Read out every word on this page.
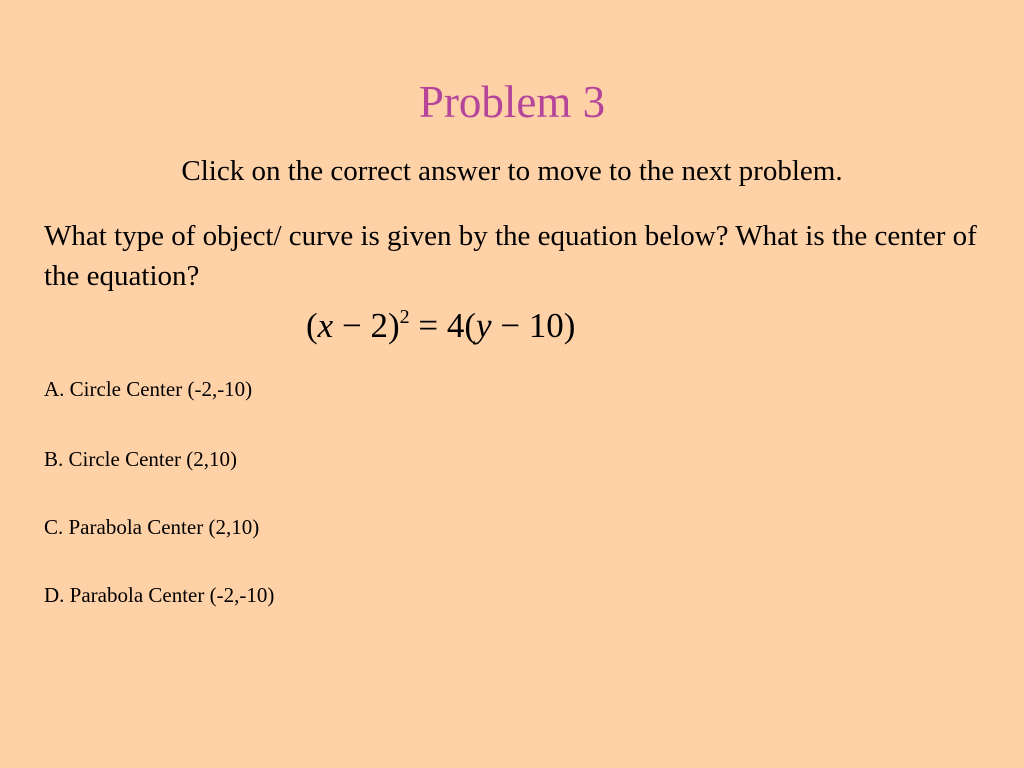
Problem 3
Click on the correct answer to move to the next problem.
What type of object/ curve is given by the equation below? What is the center of the equation?
$(x - 2)^2 = 4(y - 10)$
A. Circle Center (-2,-10)
B. Circle Center (2,10)
C. Parabola Center (2,10)
D. Parabola Center (-2,-10)
